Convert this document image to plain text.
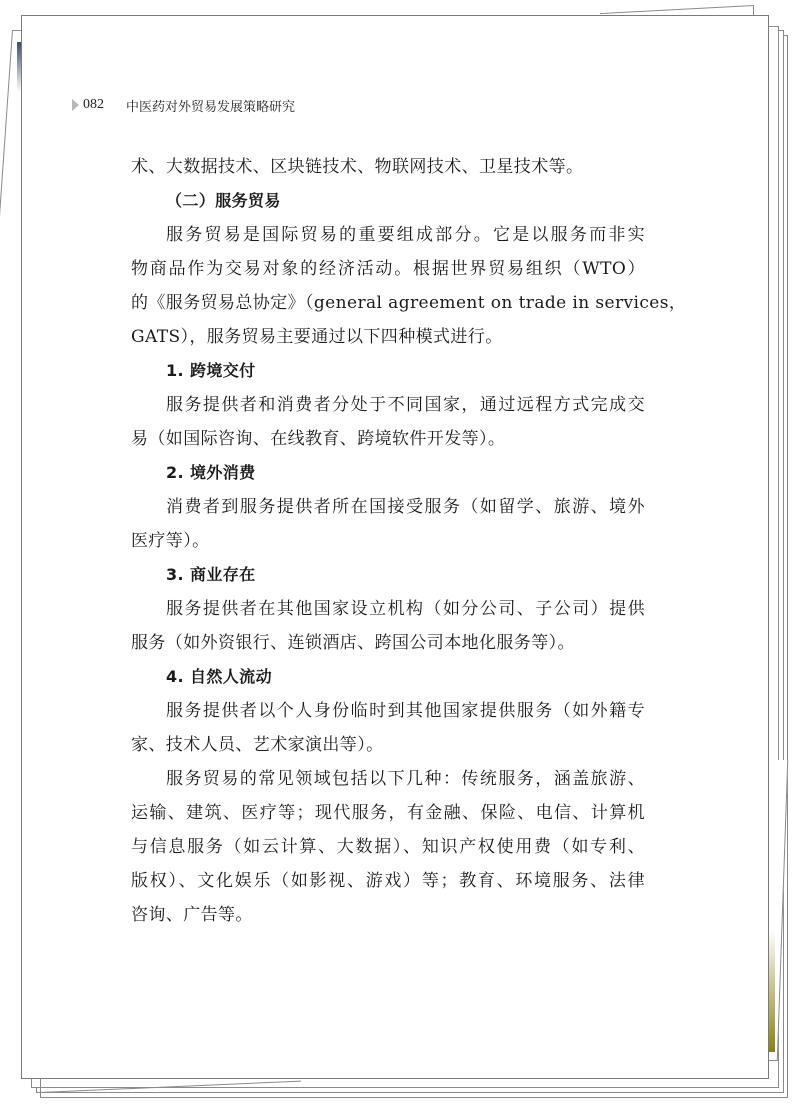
082 中医药对外贸易发展策略研究
术、大数据技术、区块链技术、物联网技术、卫星技术等。
（二）服务贸易
服务贸易是国际贸易的重要组成部分。它是以服务而非实
物商品作为交易对象的经济活动。根据世界贸易组织（WTO）
的《服务贸易总协定》（general agreement on trade in services，
GATS），服务贸易主要通过以下四种模式进行。
1. 跨境交付
服务提供者和消费者分处于不同国家，通过远程方式完成交
易（如国际咨询、在线教育、跨境软件开发等）。
2. 境外消费
消费者到服务提供者所在国接受服务（如留学、旅游、境外
医疗等）。
3. 商业存在
服务提供者在其他国家设立机构（如分公司、子公司）提供
服务（如外资银行、连锁酒店、跨国公司本地化服务等）。
4. 自然人流动
服务提供者以个人身份临时到其他国家提供服务（如外籍专
家、技术人员、艺术家演出等）。
服务贸易的常见领域包括以下几种：传统服务，涵盖旅游、
运输、建筑、医疗等；现代服务，有金融、保险、电信、计算机
与信息服务（如云计算、大数据）、知识产权使用费（如专利、
版权）、文化娱乐（如影视、游戏）等；教育、环境服务、法律
咨询、广告等。
